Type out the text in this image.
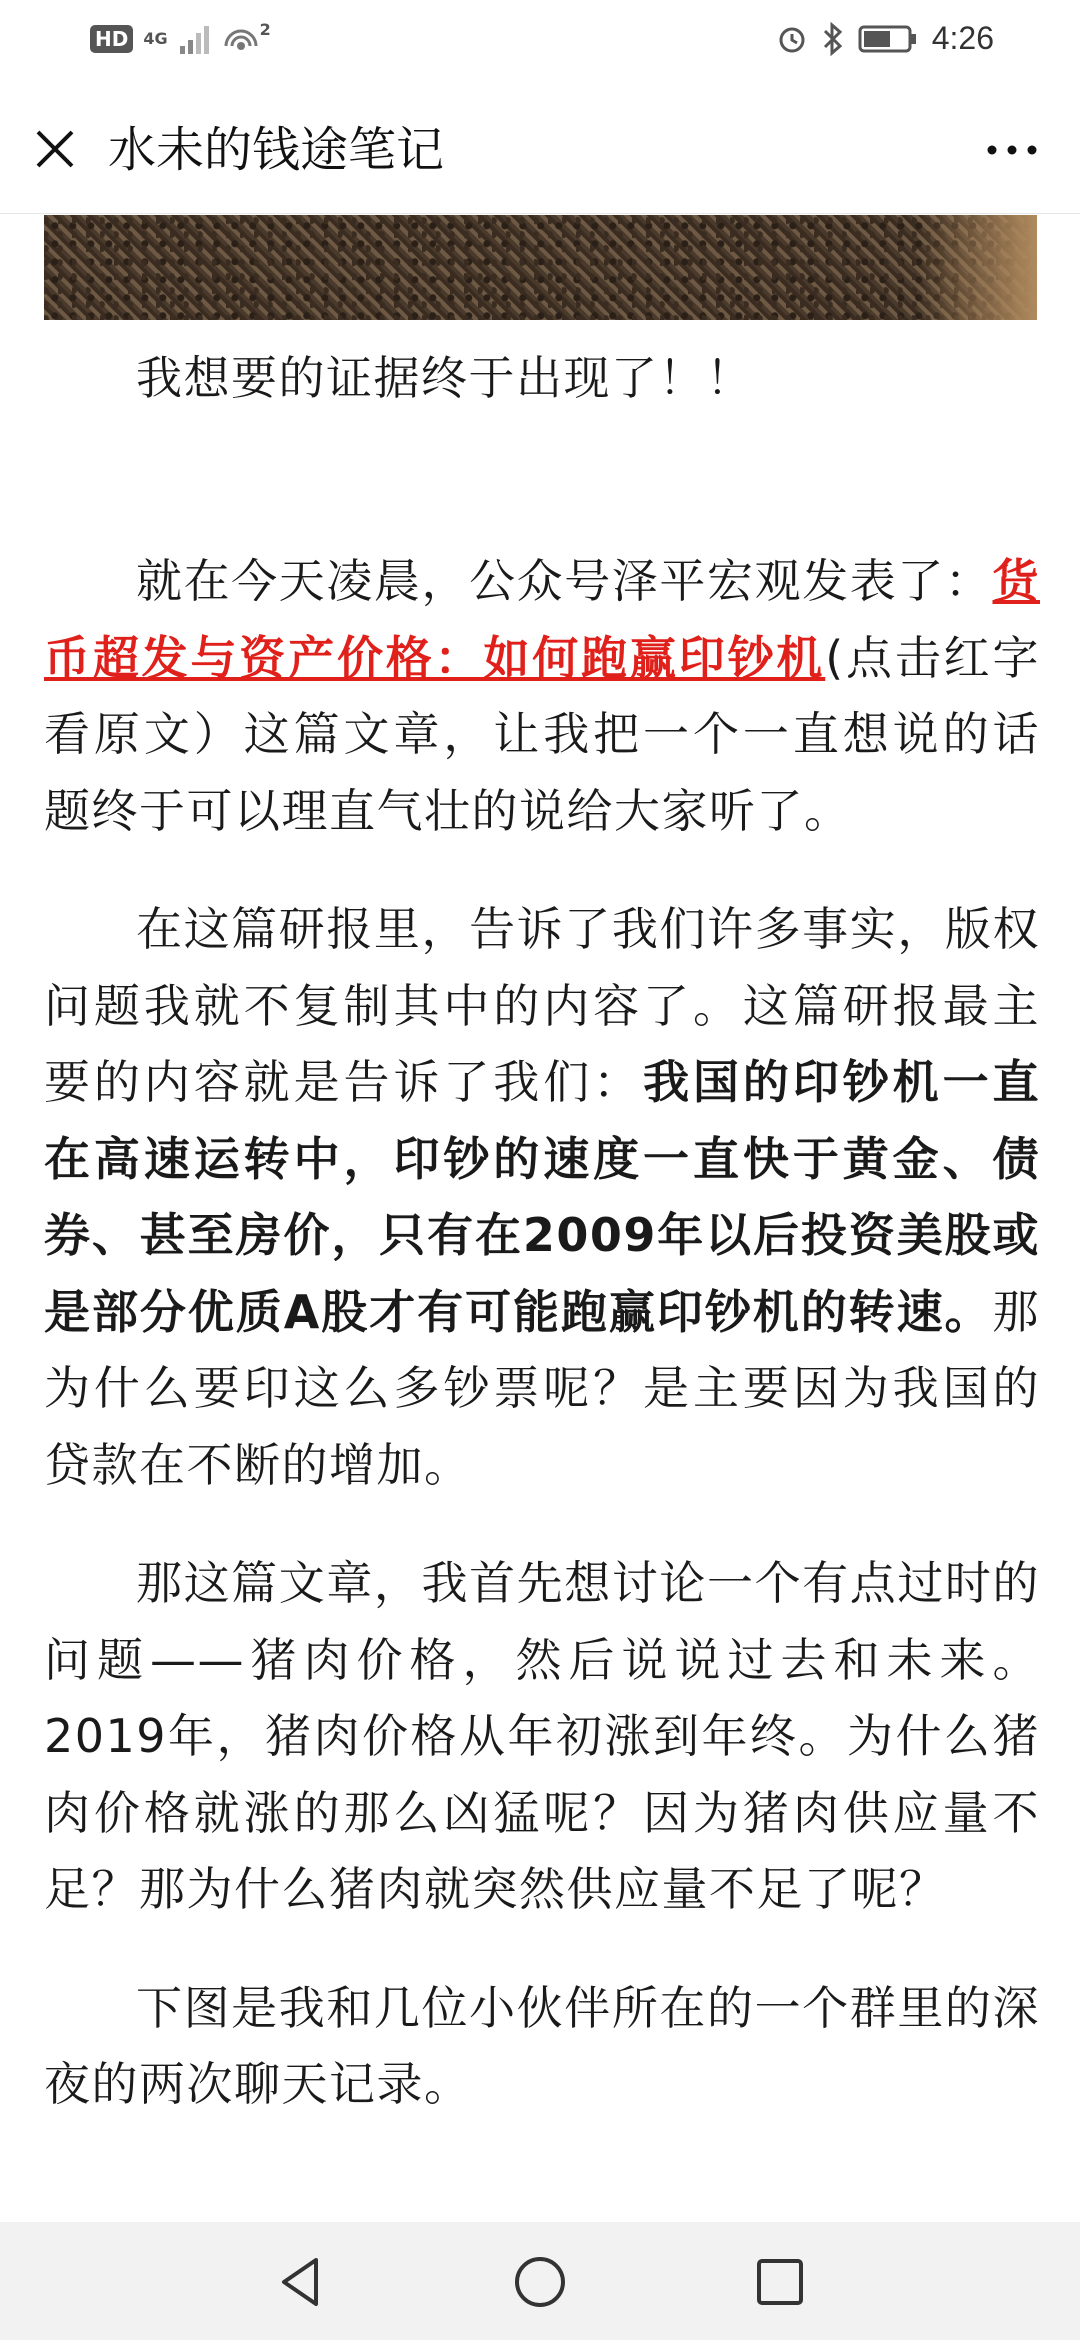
HD 4G	2	4:26
水未的钱途笔记

我想要的证据终于出现了！！

就在今天凌晨，公众号泽平宏观发表了：货币超发与资产价格：如何跑赢印钞机(点击红字看原文）这篇文章，让我把一个一直想说的话题终于可以理直气壮的说给大家听了。

在这篇研报里，告诉了我们许多事实，版权问题我就不复制其中的内容了。这篇研报最主要的内容就是告诉了我们：我国的印钞机一直在高速运转中，印钞的速度一直快于黄金、债券、甚至房价，只有在2009年以后投资美股或是部分优质A股才有可能跑赢印钞机的转速。那为什么要印这么多钞票呢？是主要因为我国的贷款在不断的增加。

那这篇文章，我首先想讨论一个有点过时的问题——猪肉价格，然后说说过去和未来。2019年，猪肉价格从年初涨到年终。为什么猪肉价格就涨的那么凶猛呢？因为猪肉供应量不足？那为什么猪肉就突然供应量不足了呢？

下图是我和几位小伙伴所在的一个群里的深夜的两次聊天记录。
